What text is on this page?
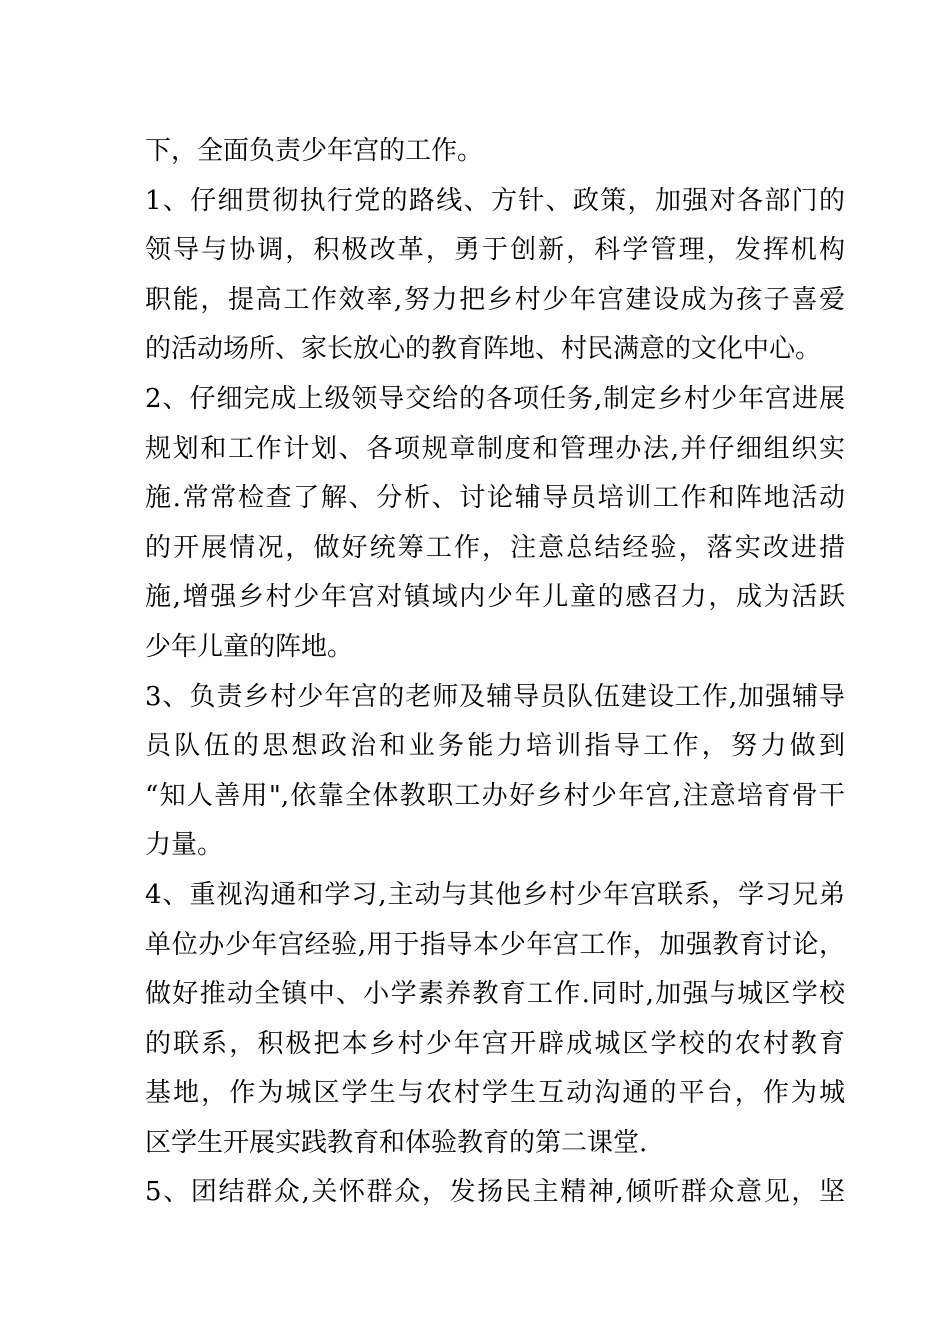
下，全面负责少年宫的工作。
1、仔细贯彻执行党的路线、方针、政策，加强对各部门的
领导与协调，积极改革，勇于创新，科学管理，发挥机构
职能，提高工作效率,努力把乡村少年宫建设成为孩子喜爱
的活动场所、家长放心的教育阵地、村民满意的文化中心。
2、仔细完成上级领导交给的各项任务,制定乡村少年宫进展
规划和工作计划、各项规章制度和管理办法,并仔细组织实
施.常常检查了解、分析、讨论辅导员培训工作和阵地活动
的开展情况，做好统筹工作，注意总结经验，落实改进措
施,增强乡村少年宫对镇域内少年儿童的感召力，成为活跃
少年儿童的阵地。
3、负责乡村少年宫的老师及辅导员队伍建设工作,加强辅导
员队伍的思想政治和业务能力培训指导工作，努力做到
“知人善用",依靠全体教职工办好乡村少年宫,注意培育骨干
力量。
4、重视沟通和学习,主动与其他乡村少年宫联系，学习兄弟
单位办少年宫经验,用于指导本少年宫工作，加强教育讨论，
做好推动全镇中、小学素养教育工作.同时,加强与城区学校
的联系，积极把本乡村少年宫开辟成城区学校的农村教育
基地，作为城区学生与农村学生互动沟通的平台，作为城
区学生开展实践教育和体验教育的第二课堂.
5、团结群众,关怀群众，发扬民主精神,倾听群众意见，坚
